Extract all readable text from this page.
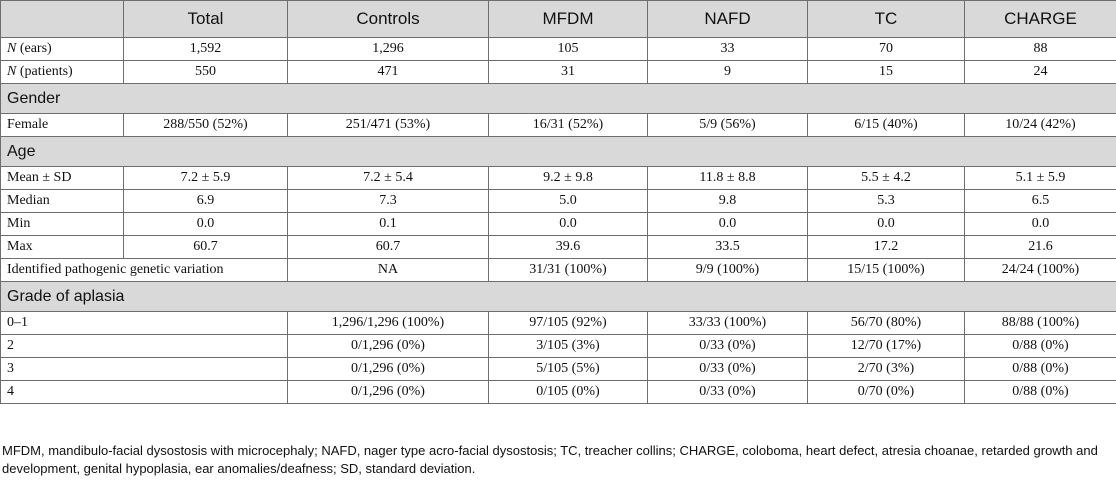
	Total	Controls	MFDM	NAFD	TC	CHARGE
N (ears)	1,592	1,296	105	33	70	88
N (patients)	550	471	31	9	15	24
Gender						
Female	288/550 (52%)	251/471 (53%)	16/31 (52%)	5/9 (56%)	6/15 (40%)	10/24 (42%)
Age						
Mean ± SD	7.2 ± 5.9	7.2 ± 5.4	9.2 ± 9.8	11.8 ± 8.8	5.5 ± 4.2	5.1 ± 5.9
Median	6.9	7.3	5.0	9.8	5.3	6.5
Min	0.0	0.1	0.0	0.0	0.0	0.0
Max	60.7	60.7	39.6	33.5	17.2	21.6
Identified pathogenic genetic variation		NA	31/31 (100%)	9/9 (100%)	15/15 (100%)	24/24 (100%)
Grade of aplasia						
0–1		1,296/1,296 (100%)	97/105 (92%)	33/33 (100%)	56/70 (80%)	88/88 (100%)
2		0/1,296 (0%)	3/105 (3%)	0/33 (0%)	12/70 (17%)	0/88 (0%)
3		0/1,296 (0%)	5/105 (5%)	0/33 (0%)	2/70 (3%)	0/88 (0%)
4		0/1,296 (0%)	0/105 (0%)	0/33 (0%)	0/70 (0%)	0/88 (0%)
MFDM, mandibulo-facial dysostosis with microcephaly; NAFD, nager type acro-facial dysostosis; TC, treacher collins; CHARGE, coloboma, heart defect, atresia choanae, retarded growth and development, genital hypoplasia, ear anomalies/deafness; SD, standard deviation.
